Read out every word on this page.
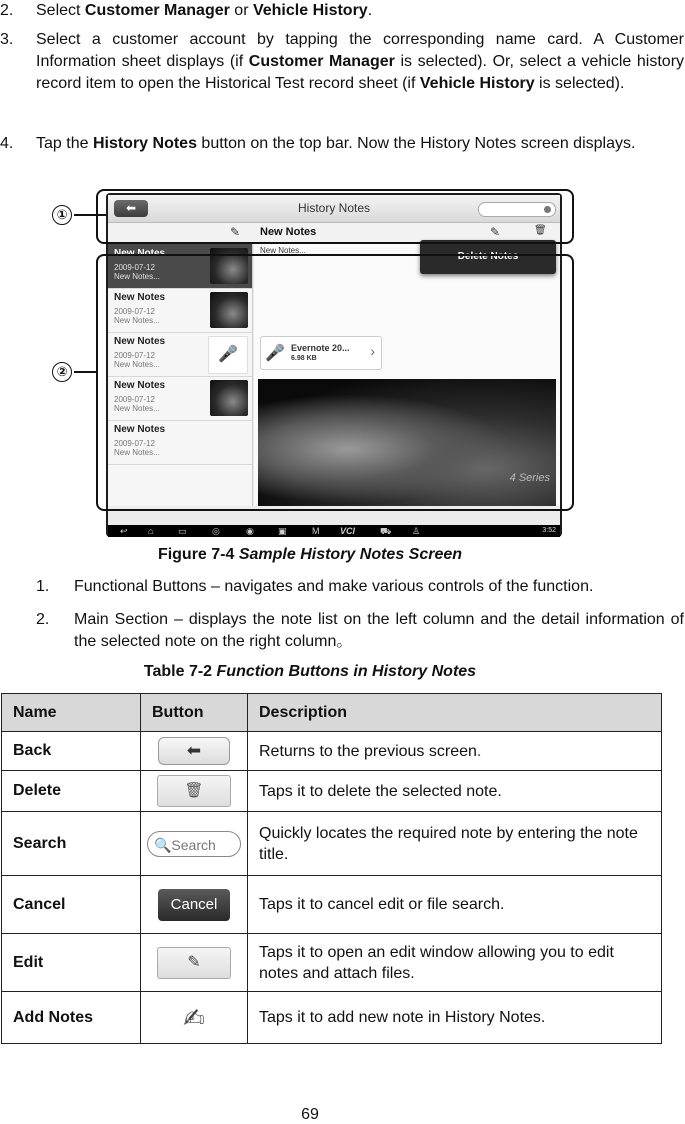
2. Select Customer Manager or Vehicle History.
3. Select a customer account by tapping the corresponding name card. A Customer Information sheet displays (if Customer Manager is selected). Or, select a vehicle history record item to open the Historical Test record sheet (if Vehicle History is selected).
4. Tap the History Notes button on the top bar. Now the History Notes screen displays.
①
②
⬅	History Notes
✎ New Notes	✎	🗑
New Notes
2009-07-12
New Notes...
New Notes
2009-07-12
New Notes...
New Notes
2009-07-12
New Notes...
🎤
New Notes
2009-07-12
New Notes...
New Notes
2009-07-12
New Notes...
New Notes...
Delete Notes
🎤 Evernote 20...
6.98 KB	›
4 Series
↩ ⌂	▭	◎	◉	▣	M VCI	⛟ ♙	3:52
Figure 7-4 Sample History Notes Screen
1. Functional Buttons – navigates and make various controls of the function.
2. Main Section – displays the note list on the left column and the detail information of the selected note on the right column。
Table 7-2 Function Buttons in History Notes
Name	Button	Description
Back	⬅	Returns to the previous screen.
Delete	🗑	Taps it to delete the selected note.
Search	🔍Search	Quickly locates the required note by entering the note title.
Cancel	Cancel	Taps it to cancel edit or file search.
Edit	✎	Taps it to open an edit window allowing you to edit notes and attach files.
Add Notes	✍	Taps it to add new note in History Notes.
69
